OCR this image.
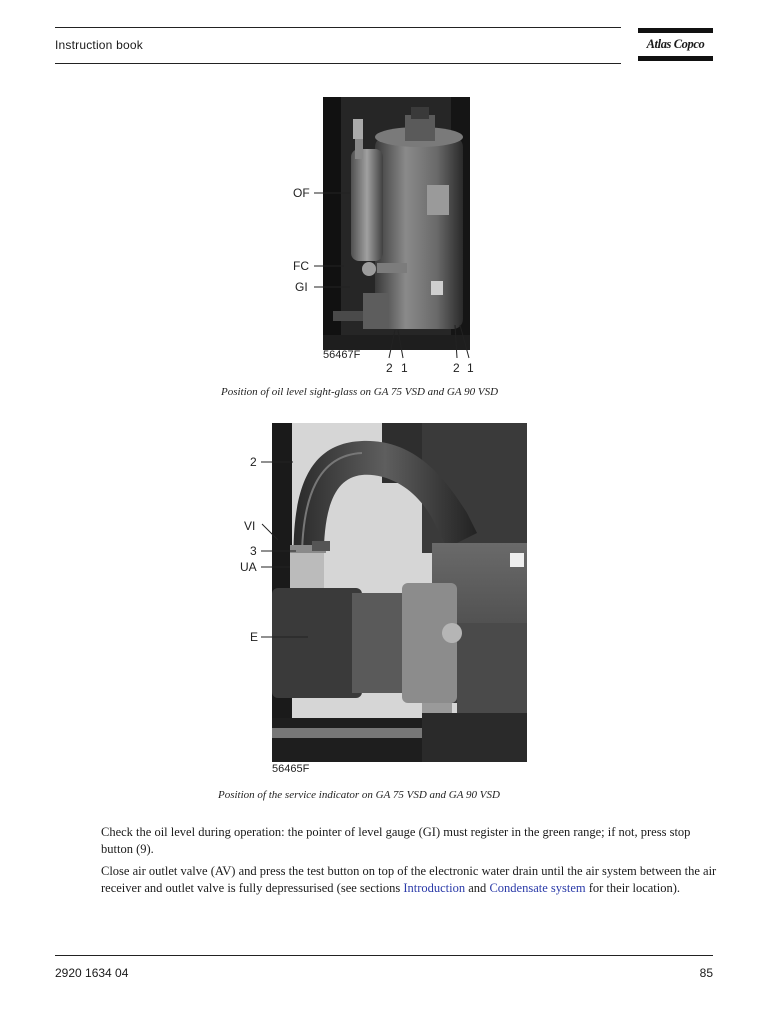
Instruction book	Atlas Copco
OF
FC
GI
56467F
2 1	2 1
Position of oil level sight-glass on GA 75 VSD and GA 90 VSD
2
VI
3
UA
E
56465F
Position of the service indicator on GA 75 VSD and GA 90 VSD
Check the oil level during operation: the pointer of level gauge (GI) must register in the green range; if not, press stop button (9).
Close air outlet valve (AV) and press the test button on top of the electronic water drain until the air system between the air receiver and outlet valve is fully depressurised (see sections Introduction and Condensate system for their location).
2920 1634 04	85
